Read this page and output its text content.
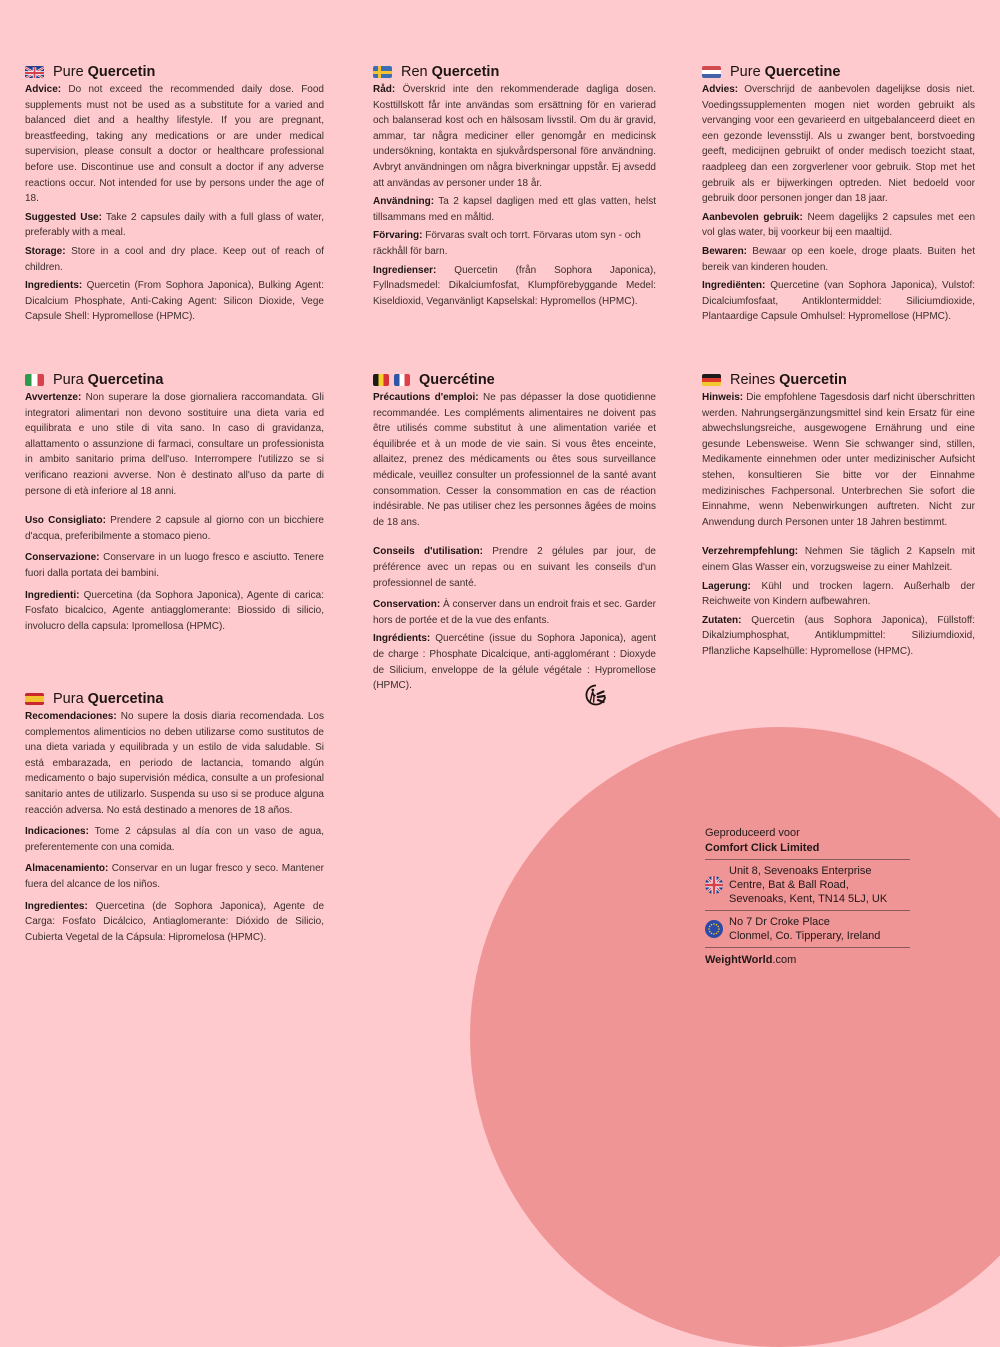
Pure Quercetin

Advice: Do not exceed the recommended daily dose. Food supplements must not be used as a substitute for a varied and balanced diet and a healthy lifestyle. If you are pregnant, breastfeeding, taking any medications or are under medical supervision, please consult a doctor or healthcare professional before use. Discontinue use and consult a doctor if any adverse reactions occur. Not intended for use by persons under the age of 18.

Suggested Use: Take 2 capsules daily with a full glass of water, preferably with a meal.

Storage: Store in a cool and dry place. Keep out of reach of children.

Ingredients: Quercetin (From Sophora Japonica), Bulking Agent: Dicalcium Phosphate, Anti-Caking Agent: Silicon Dioxide, Vege Capsule Shell: Hypromellose (HPMC).

Ren Quercetin

Råd: Överskrid inte den rekommenderade dagliga dosen. Kosttillskott får inte användas som ersättning för en varierad och balanserad kost och en hälsosam livsstil. Om du är gravid, ammar, tar några mediciner eller genomgår en medicinsk undersökning, kontakta en sjukvårdspersonal före användning. Avbryt användningen om några biverkningar uppstår. Ej avsedd att användas av personer under 18 år.

Användning: Ta 2 kapsel dagligen med ett glas vatten, helst tillsammans med en måltid.

Förvaring: Förvaras svalt och torrt. Förvaras utom syn - och räckhåll för barn.

Ingredienser: Quercetin (från Sophora Japonica), Fyllnadsmedel: Dikalciumfosfat, Klumpförebyggande Medel: Kiseldioxid, Veganvänligt Kapselskal: Hypromellos (HPMC).

Pure Quercetine

Advies: Overschrijd de aanbevolen dagelijkse dosis niet. Voedingssupplementen mogen niet worden gebruikt als vervanging voor een gevarieerd en uitgebalanceerd dieet en een gezonde levensstijl. Als u zwanger bent, borstvoeding geeft, medicijnen gebruikt of onder medisch toezicht staat, raadpleeg dan een zorgverlener voor gebruik. Stop met het gebruik als er bijwerkingen optreden. Niet bedoeld voor gebruik door personen jonger dan 18 jaar.

Aanbevolen gebruik: Neem dagelijks 2 capsules met een vol glas water, bij voorkeur bij een maaltijd.

Bewaren: Bewaar op een koele, droge plaats. Buiten het bereik van kinderen houden.

Ingrediënten: Quercetine (van Sophora Japonica), Vulstof: Dicalciumfosfaat, Antiklontermiddel: Siliciumdioxide, Plantaardige Capsule Omhulsel: Hypromellose (HPMC).

Pura Quercetina

Avvertenze: Non superare la dose giornaliera raccomandata. Gli integratori alimentari non devono sostituire una dieta varia ed equilibrata e uno stile di vita sano. In caso di gravidanza, allattamento o assunzione di farmaci, consultare un professionista in ambito sanitario prima dell'uso. Interrompere l'utilizzo se si verificano reazioni avverse. Non è destinato all'uso da parte di persone di età inferiore al 18 anni.

Uso Consigliato: Prendere 2 capsule al giorno con un bicchiere d'acqua, preferibilmente a stomaco pieno.

Conservazione: Conservare in un luogo fresco e asciutto. Tenere fuori dalla portata dei bambini.

Ingredienti: Quercetina (da Sophora Japonica), Agente di carica: Fosfato bicalcico, Agente antiagglomerante: Biossido di silicio, involucro della capsula: Ipromellosa (HPMC).

Quercétine

Précautions d'emploi: Ne pas dépasser la dose quotidienne recommandée. Les compléments alimentaires ne doivent pas être utilisés comme substitut à une alimentation variée et équilibrée et à un mode de vie sain. Si vous êtes enceinte, allaitez, prenez des médicaments ou êtes sous surveillance médicale, veuillez consulter un professionnel de la santé avant consommation. Cesser la consommation en cas de réaction indésirable. Ne pas utiliser chez les personnes âgées de moins de 18 ans.

Conseils d'utilisation: Prendre 2 gélules par jour, de préférence avec un repas ou en suivant les conseils d'un professionnel de santé.

Conservation: À conserver dans un endroit frais et sec. Garder hors de portée et de la vue des enfants.

Ingrédients: Quercétine (issue du Sophora Japonica), agent de charge : Phosphate Dicalcique, anti-agglomérant : Dioxyde de Silicium, enveloppe de la gélule végétale : Hypromellose (HPMC).

Reines Quercetin

Hinweis: Die empfohlene Tagesdosis darf nicht überschritten werden. Nahrungsergänzungsmittel sind kein Ersatz für eine abwechslungsreiche, ausgewogene Ernährung und eine gesunde Lebensweise. Wenn Sie schwanger sind, stillen, Medikamente einnehmen oder unter medizinischer Aufsicht stehen, konsultieren Sie bitte vor der Einnahme medizinisches Fachpersonal. Unterbrechen Sie sofort die Einnahme, wenn Nebenwirkungen auftreten. Nicht zur Anwendung durch Personen unter 18 Jahren bestimmt.

Verzehrempfehlung: Nehmen Sie täglich 2 Kapseln mit einem Glas Wasser ein, vorzugsweise zu einer Mahlzeit.

Lagerung: Kühl und trocken lagern. Außerhalb der Reichweite von Kindern aufbewahren.

Zutaten: Quercetin (aus Sophora Japonica), Füllstoff: Dikalziumphosphat, Antiklumpmittel: Siliziumdioxid, Pflanzliche Kapselhülle: Hypromellose (HPMC).

Pura Quercetina

Recomendaciones: No supere la dosis diaria recomendada. Los complementos alimenticios no deben utilizarse como sustitutos de una dieta variada y equilibrada y un estilo de vida saludable. Si está embarazada, en periodo de lactancia, tomando algún medicamento o bajo supervisión médica, consulte a un profesional sanitario antes de utilizarlo. Suspenda su uso si se produce alguna reacción adversa. No está destinado a menores de 18 años.

Indicaciones: Tome 2 cápsulas al día con un vaso de agua, preferentemente con una comida.

Almacenamiento: Conservar en un lugar fresco y seco. Mantener fuera del alcance de los niños.

Ingredientes: Quercetina (de Sophora Japonica), Agente de Carga: Fosfato Dicálcico, Antiaglomerante: Dióxido de Silicio, Cubierta Vegetal de la Cápsula: Hipromelosa (HPMC).

Geproduceerd voor
Comfort Click Limited
Unit 8, Sevenoaks Enterprise
Centre, Bat & Ball Road,
Sevenoaks, Kent, TN14 5LJ, UK
No 7 Dr Croke Place
Clonmel, Co. Tipperary, Ireland
WeightWorld.com
